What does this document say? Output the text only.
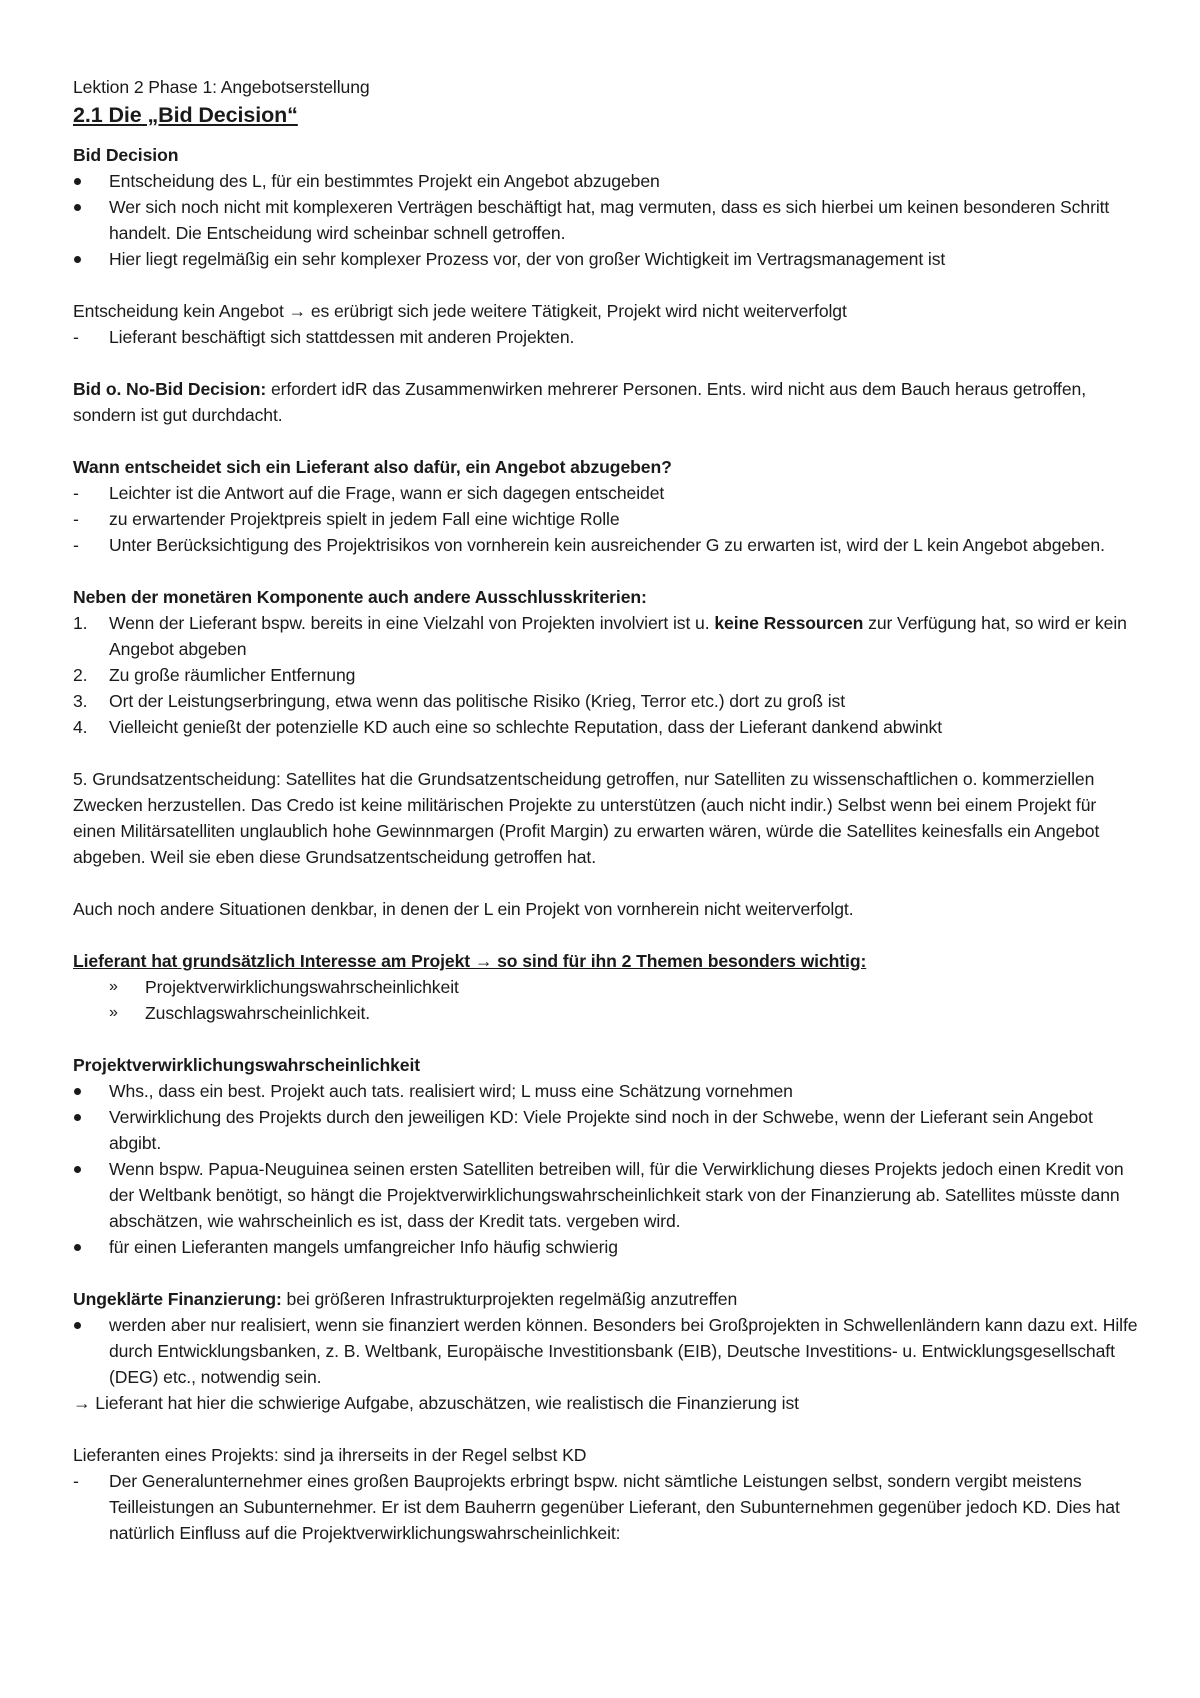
Lektion 2 Phase 1: Angebotserstellung

2.1 Die „Bid Decision“

Bid Decision

Entscheidung des L, für ein bestimmtes Projekt ein Angebot abzugeben
Wer sich noch nicht mit komplexeren Verträgen beschäftigt hat, mag vermuten, dass es sich hierbei um keinen besonderen Schritt handelt. Die Entscheidung wird scheinbar schnell getroffen.
Hier liegt regelmäßig ein sehr komplexer Prozess vor, der von großer Wichtigkeit im Vertragsmanagement ist

Entscheidung kein Angebot → es erübrigt sich jede weitere Tätigkeit, Projekt wird nicht weiterverfolgt

- Lieferant beschäftigt sich stattdessen mit anderen Projekten.

Bid o. No-Bid Decision: erfordert idR das Zusammenwirken mehrerer Personen. Ents. wird nicht aus dem Bauch heraus getroffen, sondern ist gut durchdacht.

Wann entscheidet sich ein Lieferant also dafür, ein Angebot abzugeben?

- Leichter ist die Antwort auf die Frage, wann er sich dagegen entscheidet
- zu erwartender Projektpreis spielt in jedem Fall eine wichtige Rolle
- Unter Berücksichtigung des Projektrisikos von vornherein kein ausreichender G zu erwarten ist, wird der L kein Angebot abgeben.

Neben der monetären Komponente auch andere Ausschlusskriterien:

1. Wenn der Lieferant bspw. bereits in eine Vielzahl von Projekten involviert ist u. keine Ressourcen zur Verfügung hat, so wird er kein Angebot abgeben
2. Zu große räumlicher Entfernung
3. Ort der Leistungserbringung, etwa wenn das politische Risiko (Krieg, Terror etc.) dort zu groß ist
4. Vielleicht genießt der potenzielle KD auch eine so schlechte Reputation, dass der Lieferant dankend abwinkt

5. Grundsatzentscheidung: Satellites hat die Grundsatzentscheidung getroffen, nur Satelliten zu wissenschaftlichen o. kommerziellen Zwecken herzustellen. Das Credo ist keine militärischen Projekte zu unterstützen (auch nicht indir.) Selbst wenn bei einem Projekt für einen Militärsatelliten unglaublich hohe Gewinnmargen (Profit Margin) zu erwarten wären, würde die Satellites keinesfalls ein Angebot abgeben. Weil sie eben diese Grundsatzentscheidung getroffen hat.

Auch noch andere Situationen denkbar, in denen der L ein Projekt von vornherein nicht weiterverfolgt.

Lieferant hat grundsätzlich Interesse am Projekt → so sind für ihn 2 Themen besonders wichtig:

» Projektverwirklichungswahrscheinlichkeit
» Zuschlagswahrscheinlichkeit.

Projektverwirklichungswahrscheinlichkeit

Whs., dass ein best. Projekt auch tats. realisiert wird; L muss eine Schätzung vornehmen
Verwirklichung des Projekts durch den jeweiligen KD: Viele Projekte sind noch in der Schwebe, wenn der Lieferant sein Angebot abgibt.
Wenn bspw. Papua-Neuguinea seinen ersten Satelliten betreiben will, für die Verwirklichung dieses Projekts jedoch einen Kredit von der Weltbank benötigt, so hängt die Projektverwirklichungswahrscheinlichkeit stark von der Finanzierung ab. Satellites müsste dann abschätzen, wie wahrscheinlich es ist, dass der Kredit tats. vergeben wird.
für einen Lieferanten mangels umfangreicher Info häufig schwierig

Ungeklärte Finanzierung: bei größeren Infrastrukturprojekten regelmäßig anzutreffen

werden aber nur realisiert, wenn sie finanziert werden können. Besonders bei Großprojekten in Schwellenländern kann dazu ext. Hilfe durch Entwicklungsbanken, z. B. Weltbank, Europäische Investitionsbank (EIB), Deutsche Investitions- u. Entwicklungsgesellschaft (DEG) etc., notwendig sein.

→ Lieferant hat hier die schwierige Aufgabe, abzuschätzen, wie realistisch die Finanzierung ist

Lieferanten eines Projekts: sind ja ihrerseits in der Regel selbst KD

- Der Generalunternehmer eines großen Bauprojekts erbringt bspw. nicht sämtliche Leistungen selbst, sondern vergibt meistens Teilleistungen an Subunternehmer. Er ist dem Bauherrn gegenüber Lieferant, den Subunternehmen gegenüber jedoch KD. Dies hat natürlich Einfluss auf die Projektverwirklichungswahrscheinlichkeit:
